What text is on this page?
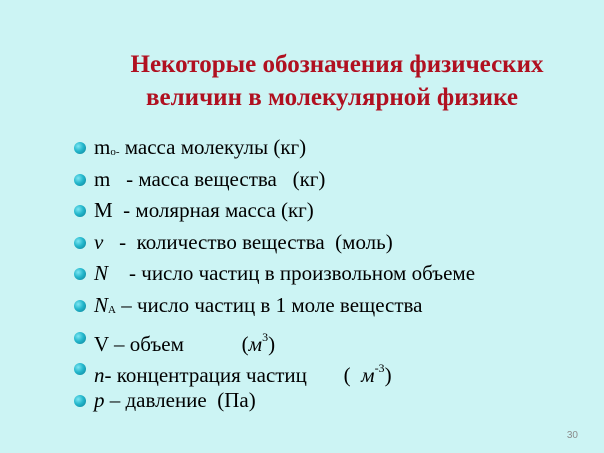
Некоторые обозначения физических
величин в молекулярной физике
mo- масса молекулы (кг)
m   - масса вещества   (кг)
M  - молярная масса (кг)
ν   -  количество вещества  (моль)
N    - число частиц в произвольном объеме
NA – число частиц в 1 моле вещества
V – объем           $(м^3)$
n- концентрация частиц       (  $м^{-3}$)
p – давление  (Па)
30
